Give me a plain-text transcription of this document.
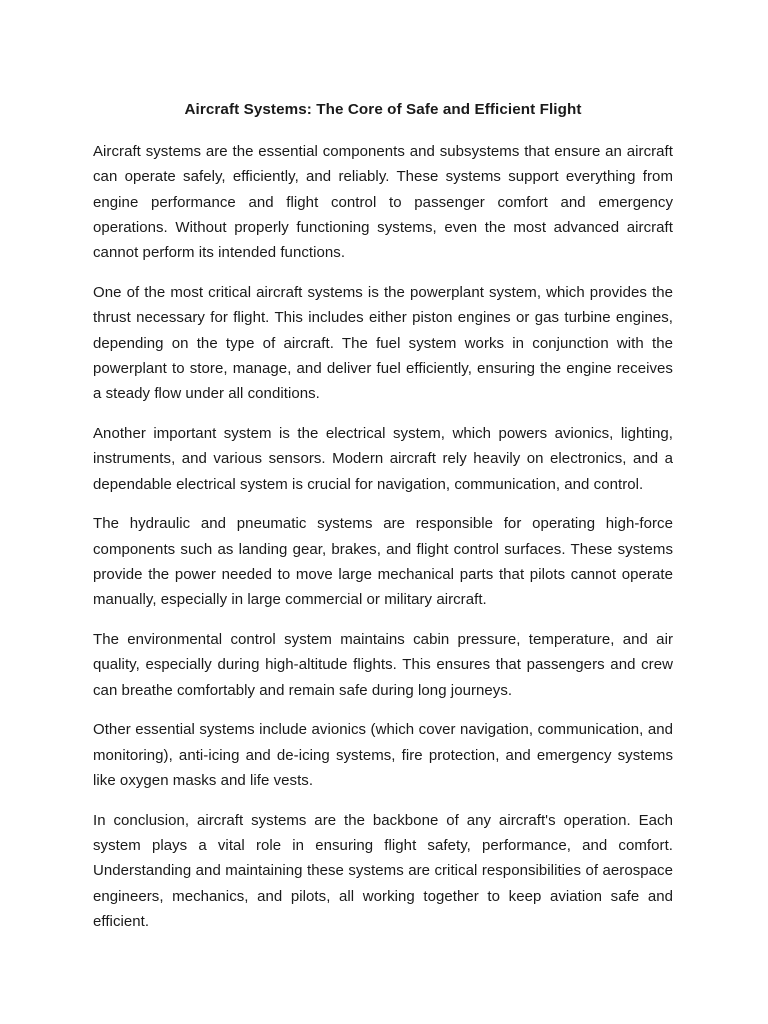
Aircraft Systems: The Core of Safe and Efficient Flight

Aircraft systems are the essential components and subsystems that ensure an aircraft can operate safely, efficiently, and reliably. These systems support everything from engine performance and flight control to passenger comfort and emergency operations. Without properly functioning systems, even the most advanced aircraft cannot perform its intended functions.

One of the most critical aircraft systems is the powerplant system, which provides the thrust necessary for flight. This includes either piston engines or gas turbine engines, depending on the type of aircraft. The fuel system works in conjunction with the powerplant to store, manage, and deliver fuel efficiently, ensuring the engine receives a steady flow under all conditions.

Another important system is the electrical system, which powers avionics, lighting, instruments, and various sensors. Modern aircraft rely heavily on electronics, and a dependable electrical system is crucial for navigation, communication, and control.

The hydraulic and pneumatic systems are responsible for operating high-force components such as landing gear, brakes, and flight control surfaces. These systems provide the power needed to move large mechanical parts that pilots cannot operate manually, especially in large commercial or military aircraft.

The environmental control system maintains cabin pressure, temperature, and air quality, especially during high-altitude flights. This ensures that passengers and crew can breathe comfortably and remain safe during long journeys.

Other essential systems include avionics (which cover navigation, communication, and monitoring), anti-icing and de-icing systems, fire protection, and emergency systems like oxygen masks and life vests.

In conclusion, aircraft systems are the backbone of any aircraft's operation. Each system plays a vital role in ensuring flight safety, performance, and comfort. Understanding and maintaining these systems are critical responsibilities of aerospace engineers, mechanics, and pilots, all working together to keep aviation safe and efficient.
